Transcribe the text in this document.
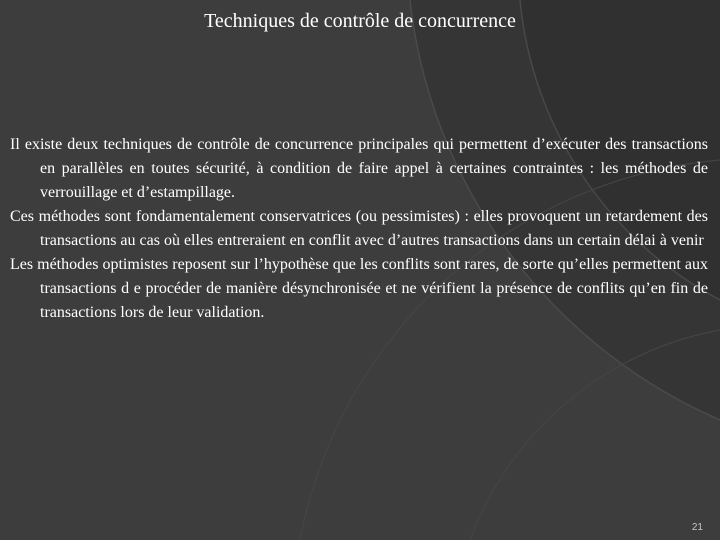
Techniques de contrôle de concurrence

Il existe deux techniques de contrôle de concurrence principales qui permettent d’exécuter des transactions en parallèles en toutes sécurité, à condition de faire appel à certaines contraintes : les méthodes de verrouillage et d’estampillage.

Ces méthodes sont fondamentalement conservatrices (ou pessimistes) : elles provoquent un retardement des transactions au cas où elles entreraient en conflit avec d’autres transactions dans un certain délai à venir

Les méthodes optimistes reposent sur l’hypothèse que les conflits sont rares, de sorte qu’elles permettent aux transactions d e procéder de manière désynchronisée et ne vérifient la présence de conflits qu’en fin de transactions lors de leur validation.

21
